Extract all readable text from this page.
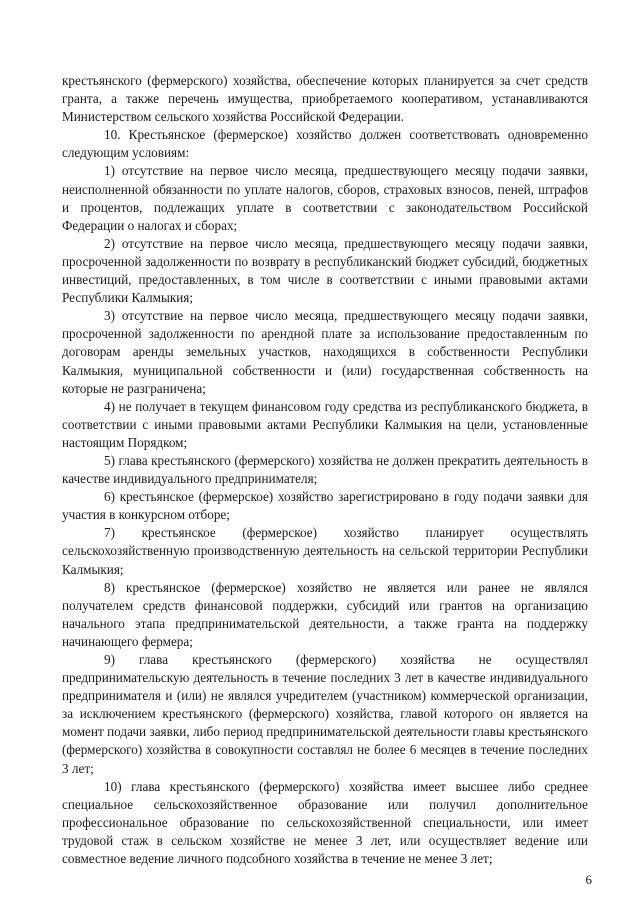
крестьянского (фермерского) хозяйства, обеспечение которых планируется за счет средств гранта, а также перечень имущества, приобретаемого кооперативом, устанавливаются Министерством сельского хозяйства Российской Федерации.

10. Крестьянское (фермерское) хозяйство должен соответствовать одновременно следующим условиям:

1) отсутствие на первое число месяца, предшествующего месяцу подачи заявки, неисполненной обязанности по уплате налогов, сборов, страховых взносов, пеней, штрафов и процентов, подлежащих уплате в соответствии с законодательством Российской Федерации о налогах и сборах;

2) отсутствие на первое число месяца, предшествующего месяцу подачи заявки, просроченной задолженности по возврату в республиканский бюджет субсидий, бюджетных инвестиций, предоставленных, в том числе в соответствии с иными правовыми актами Республики Калмыкия;

3) отсутствие на первое число месяца, предшествующего месяцу подачи заявки, просроченной задолженности по арендной плате за использование предоставленным по договорам аренды земельных участков, находящихся в собственности Республики Калмыкия, муниципальной собственности и (или) государственная собственность на которые не разграничена;

4) не получает в текущем финансовом году средства из республиканского бюджета, в соответствии с иными правовыми актами Республики Калмыкия на цели, установленные настоящим Порядком;

5) глава крестьянского (фермерского) хозяйства не должен прекратить деятельность в качестве индивидуального предпринимателя;

6) крестьянское (фермерское) хозяйство зарегистрировано в году подачи заявки для участия в конкурсном отборе;

7) крестьянское (фермерское) хозяйство планирует осуществлять сельскохозяйственную производственную деятельность на сельской территории Республики Калмыкия;

8) крестьянское (фермерское) хозяйство не является или ранее не являлся получателем средств финансовой поддержки, субсидий или грантов на организацию начального этапа предпринимательской деятельности, а также гранта на поддержку начинающего фермера;

9) глава крестьянского (фермерского) хозяйства не осуществлял предпринимательскую деятельность в течение последних 3 лет в качестве индивидуального предпринимателя и (или) не являлся учредителем (участником) коммерческой организации, за исключением крестьянского (фермерского) хозяйства, главой которого он является на момент подачи заявки, либо период предпринимательской деятельности главы крестьянского (фермерского) хозяйства в совокупности составлял не более 6 месяцев в течение последних 3 лет;

10) глава крестьянского (фермерского) хозяйства имеет высшее либо среднее специальное сельскохозяйственное образование или получил дополнительное профессиональное образование по сельскохозяйственной специальности, или имеет трудовой стаж в сельском хозяйстве не менее 3 лет, или осуществляет ведение или совместное ведение личного подсобного хозяйства в течение не менее 3 лет;

6
